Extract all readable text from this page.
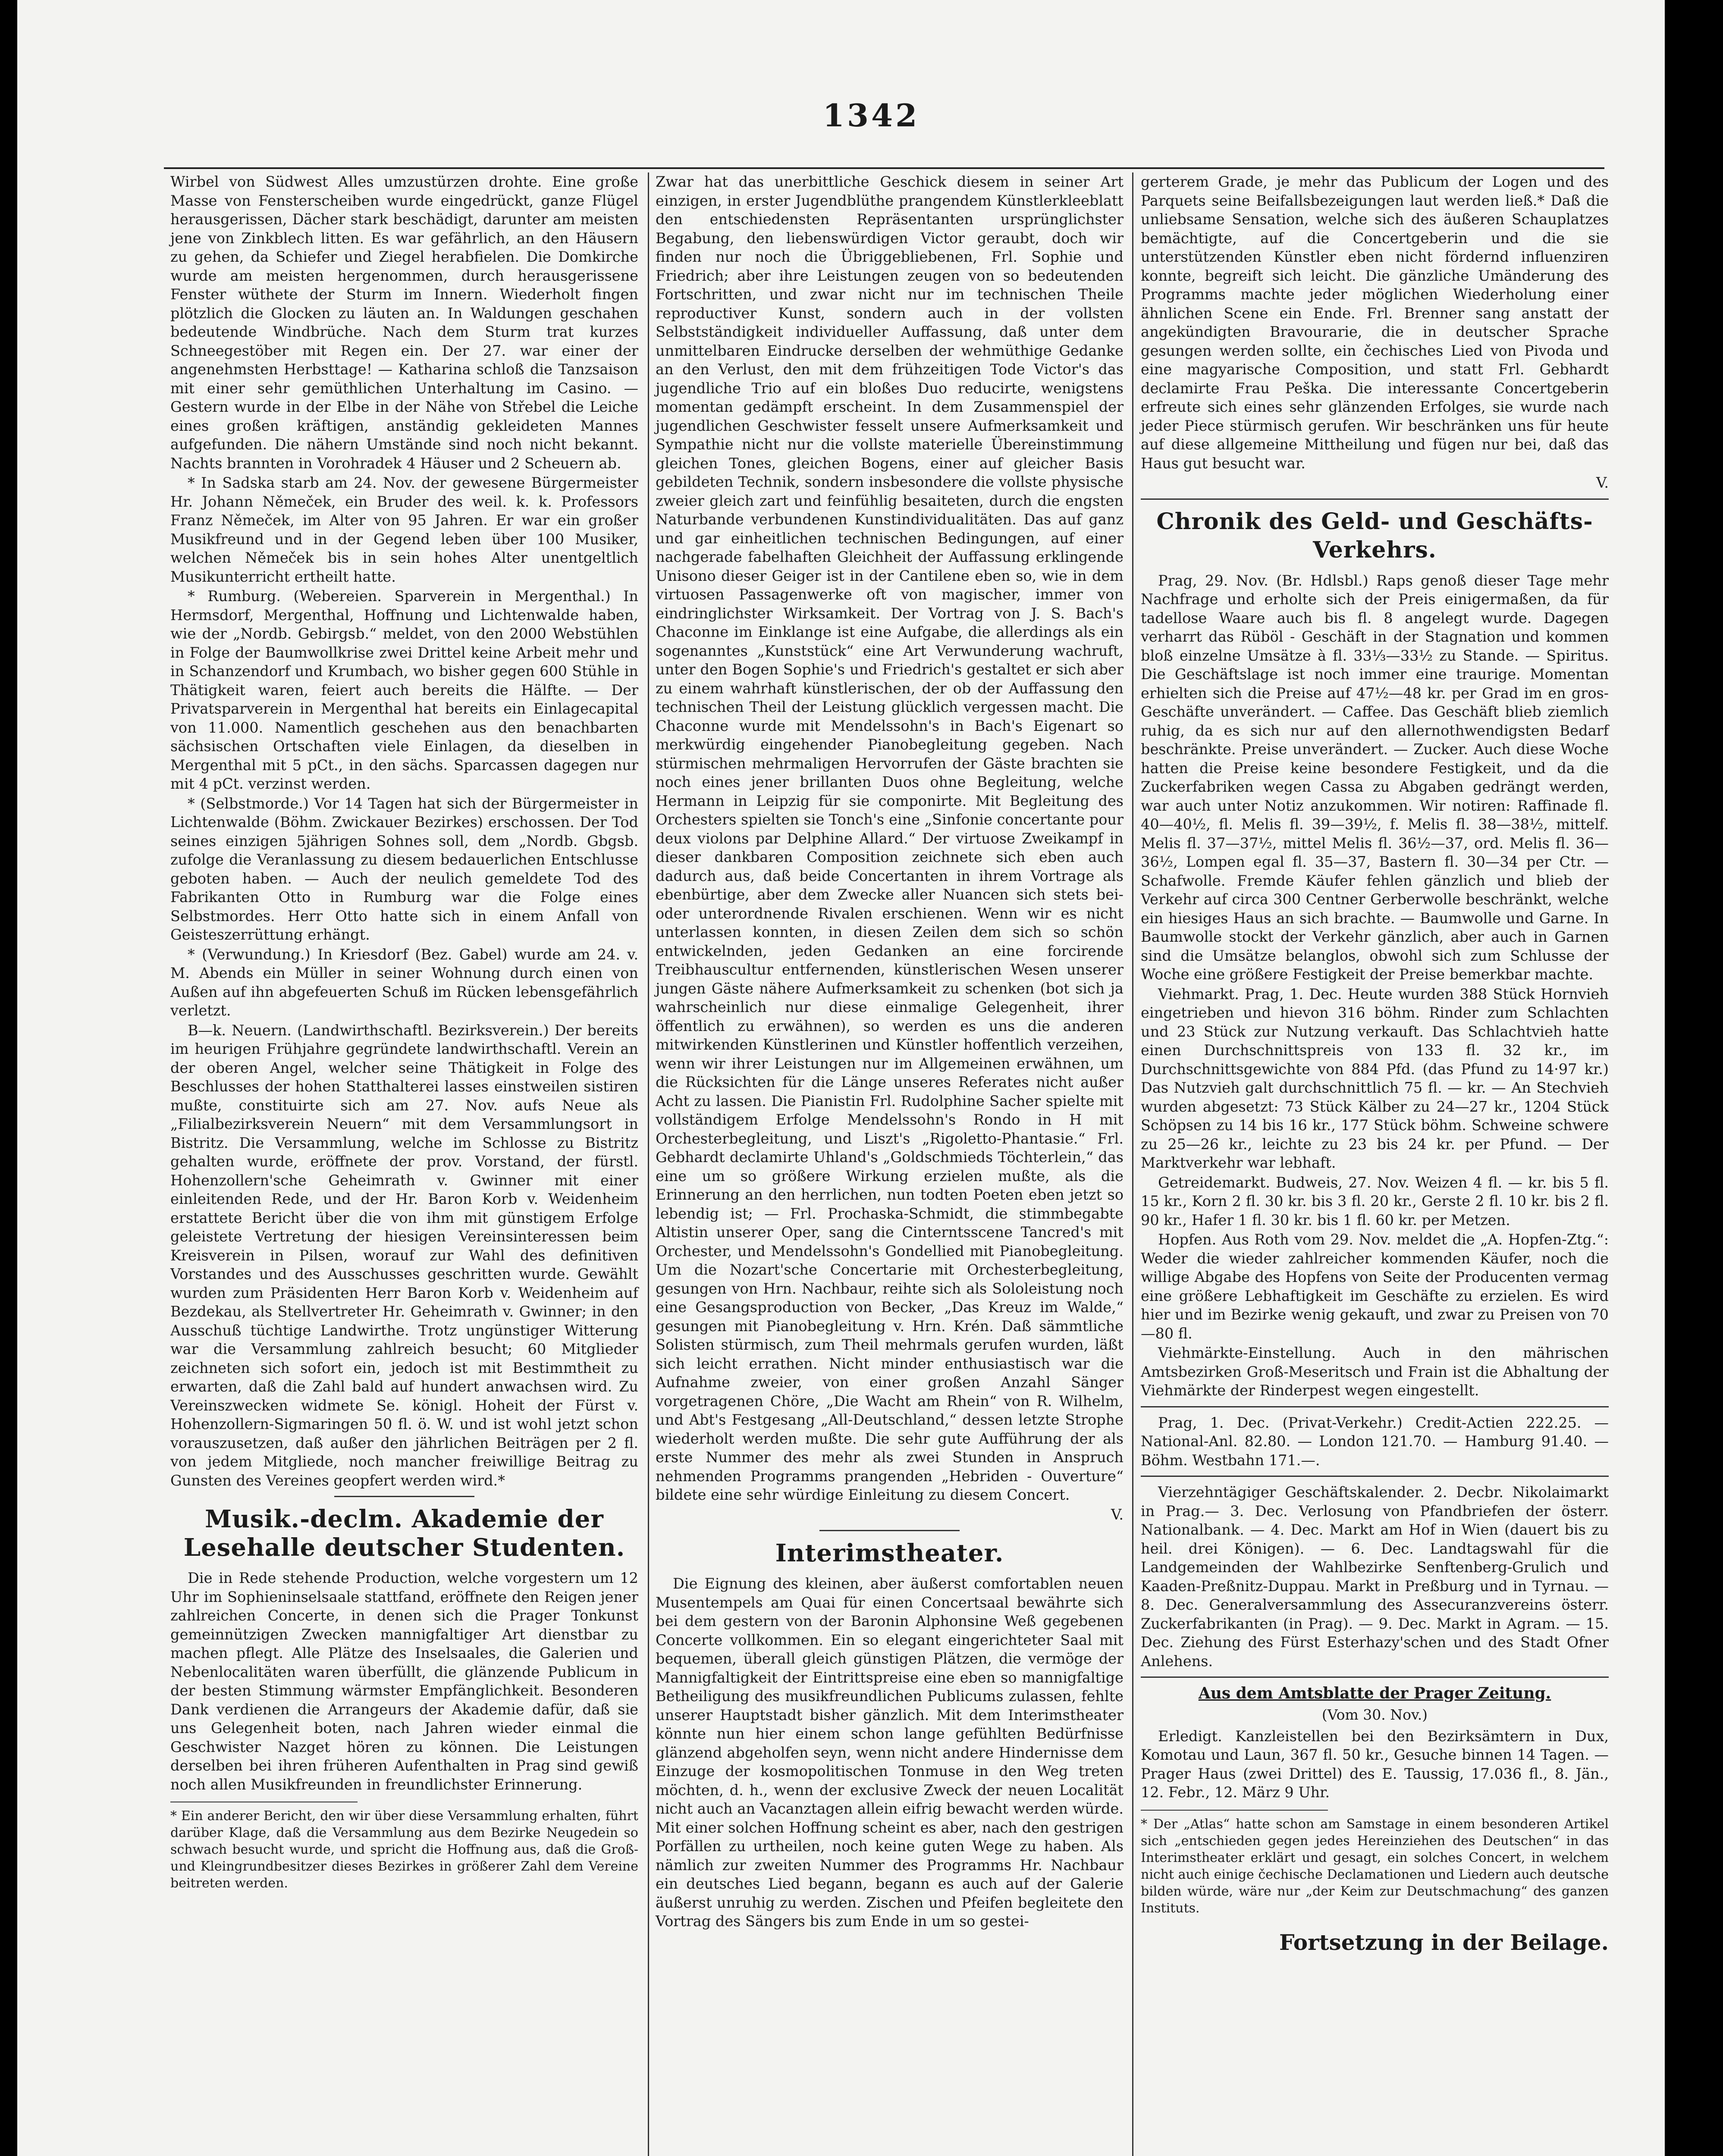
1342

Wirbel von Südwest Alles umzustürzen drohte. Eine große Masse von Fensterscheiben wurde eingedrückt, ganze Flügel herausgerissen, Dächer stark beschädigt, darunter am meisten jene von Zinkblech litten. Es war gefährlich, an den Häusern zu gehen, da Schiefer und Ziegel herabfielen. Die Domkirche wurde am meisten hergenommen, durch herausgerissene Fenster wüthete der Sturm im Innern. Wiederholt fingen plötzlich die Glocken zu läuten an. In Waldungen geschahen bedeutende Windbrüche. Nach dem Sturm trat kurzes Schneegestöber mit Regen ein. Der 27. war einer der angenehmsten Herbsttage! — Katharina schloß die Tanzsaison mit einer sehr gemüthlichen Unterhaltung im Casino. — Gestern wurde in der Elbe in der Nähe von Střebel die Leiche eines großen kräftigen, anständig gekleideten Mannes aufgefunden. Die nähern Umstände sind noch nicht bekannt. Nachts brannten in Vorohradek 4 Häuser und 2 Scheuern ab.

* In Sadska starb am 24. Nov. der gewesene Bürgermeister Hr. Johann Němeček, ein Bruder des weil. k. k. Professors Franz Němeček, im Alter von 95 Jahren. Er war ein großer Musikfreund und in der Gegend leben über 100 Musiker, welchen Němeček bis in sein hohes Alter unentgeltlich Musikunterricht ertheilt hatte.

* Rumburg. (Webereien. Sparverein in Mergenthal.) In Hermsdorf, Mergenthal, Hoffnung und Lichtenwalde haben, wie der „Nordb. Gebirgsb.“ meldet, von den 2000 Webstühlen in Folge der Baumwollkrise zwei Drittel keine Arbeit mehr und in Schanzendorf und Krumbach, wo bisher gegen 600 Stühle in Thätigkeit waren, feiert auch bereits die Hälfte. — Der Privatsparverein in Mergenthal hat bereits ein Einlagecapital von 11.000. Namentlich geschehen aus den benachbarten sächsischen Ortschaften viele Einlagen, da dieselben in Mergenthal mit 5 pCt., in den sächs. Sparcassen dagegen nur mit 4 pCt. verzinst werden.

* (Selbstmorde.) Vor 14 Tagen hat sich der Bürgermeister in Lichtenwalde (Böhm. Zwickauer Bezirkes) erschossen. Der Tod seines einzigen 5jährigen Sohnes soll, dem „Nordb. Gbgsb. zufolge die Veranlassung zu diesem bedauerlichen Entschlusse geboten haben. — Auch der neulich gemeldete Tod des Fabrikanten Otto in Rumburg war die Folge eines Selbstmordes. Herr Otto hatte sich in einem Anfall von Geisteszerrüttung erhängt.

* (Verwundung.) In Kriesdorf (Bez. Gabel) wurde am 24. v. M. Abends ein Müller in seiner Wohnung durch einen von Außen auf ihn abgefeuerten Schuß im Rücken lebensgefährlich verletzt.

B—k. Neuern. (Landwirthschaftl. Bezirksverein.) Der bereits im heurigen Frühjahre gegründete landwirthschaftl. Verein an der oberen Angel, welcher seine Thätigkeit in Folge des Beschlusses der hohen Statthalterei lasses einstweilen sistiren mußte, constituirte sich am 27. Nov. aufs Neue als „Filialbezirksverein Neuern“ mit dem Versammlungsort in Bistritz. Die Versammlung, welche im Schlosse zu Bistritz gehalten wurde, eröffnete der prov. Vorstand, der fürstl. Hohenzollern'sche Geheimrath v. Gwinner mit einer einleitenden Rede, und der Hr. Baron Korb v. Weidenheim erstattete Bericht über die von ihm mit günstigem Erfolge geleistete Vertretung der hiesigen Vereinsinteressen beim Kreisverein in Pilsen, worauf zur Wahl des definitiven Vorstandes und des Ausschusses geschritten wurde. Gewählt wurden zum Präsidenten Herr Baron Korb v. Weidenheim auf Bezdekau, als Stellvertreter Hr. Geheimrath v. Gwinner; in den Ausschuß tüchtige Landwirthe. Trotz ungünstiger Witterung war die Versammlung zahlreich besucht; 60 Mitglieder zeichneten sich sofort ein, jedoch ist mit Bestimmtheit zu erwarten, daß die Zahl bald auf hundert anwachsen wird. Zu Vereinszwecken widmete Se. königl. Hoheit der Fürst v. Hohenzollern-Sigmaringen 50 fl. ö. W. und ist wohl jetzt schon vorauszusetzen, daß außer den jährlichen Beiträgen per 2 fl. von jedem Mitgliede, noch mancher freiwillige Beitrag zu Gunsten des Vereines geopfert werden wird.*

Musik.-declm. Akademie der Lesehalle deutscher Studenten.

Die in Rede stehende Production, welche vorgestern um 12 Uhr im Sophieninselsaale stattfand, eröffnete den Reigen jener zahlreichen Concerte, in denen sich die Prager Tonkunst gemeinnützigen Zwecken mannigfaltiger Art dienstbar zu machen pflegt. Alle Plätze des Inselsaales, die Galerien und Nebenlocalitäten waren überfüllt, die glänzende Publicum in der besten Stimmung wärmster Empfänglichkeit. Besonderen Dank verdienen die Arrangeurs der Akademie dafür, daß sie uns Gelegenheit boten, nach Jahren wieder einmal die Geschwister Nazget hören zu können. Die Leistungen derselben bei ihren früheren Aufenthalten in Prag sind gewiß noch allen Musikfreunden in freundlichster Erinnerung.

* Ein anderer Bericht, den wir über diese Versammlung erhalten, führt darüber Klage, daß die Versammlung aus dem Bezirke Neugedein so schwach besucht wurde, und spricht die Hoffnung aus, daß die Groß- und Kleingrundbesitzer dieses Bezirkes in größerer Zahl dem Vereine beitreten werden.

Zwar hat das unerbittliche Geschick diesem in seiner Art einzigen, in erster Jugendblüthe prangendem Künstlerkleeblatt den entschiedensten Repräsentanten ursprünglichster Begabung, den liebenswürdigen Victor geraubt, doch wir finden nur noch die Übriggebliebenen, Frl. Sophie und Friedrich; aber ihre Leistungen zeugen von so bedeutenden Fortschritten, und zwar nicht nur im technischen Theile reproductiver Kunst, sondern auch in der vollsten Selbstständigkeit individueller Auffassung, daß unter dem unmittelbaren Eindrucke derselben der wehmüthige Gedanke an den Verlust, den mit dem frühzeitigen Tode Victor's das jugendliche Trio auf ein bloßes Duo reducirte, wenigstens momentan gedämpft erscheint. In dem Zusammenspiel der jugendlichen Geschwister fesselt unsere Aufmerksamkeit und Sympathie nicht nur die vollste materielle Übereinstimmung gleichen Tones, gleichen Bogens, einer auf gleicher Basis gebildeten Technik, sondern insbesondere die vollste physische zweier gleich zart und feinfühlig besaiteten, durch die engsten Naturbande verbundenen Kunstindividualitäten. Das auf ganz und gar einheitlichen technischen Bedingungen, auf einer nachgerade fabelhaften Gleichheit der Auffassung erklingende Unisono dieser Geiger ist in der Cantilene eben so, wie in dem virtuosen Passagenwerke oft von magischer, immer von eindringlichster Wirksamkeit. Der Vortrag von J. S. Bach's Chaconne im Einklange ist eine Aufgabe, die allerdings als ein sogenanntes „Kunststück“ eine Art Verwunderung wachruft, unter den Bogen Sophie's und Friedrich's gestaltet er sich aber zu einem wahrhaft künstlerischen, der ob der Auffassung den technischen Theil der Leistung glücklich vergessen macht. Die Chaconne wurde mit Mendelssohn's in Bach's Eigenart so merkwürdig eingehender Pianobegleitung gegeben. Nach stürmischen mehrmaligen Hervorrufen der Gäste brachten sie noch eines jener brillanten Duos ohne Begleitung, welche Hermann in Leipzig für sie componirte. Mit Begleitung des Orchesters spielten sie Tonch's eine „Sinfonie concertante pour deux violons par Delphine Allard.“ Der virtuose Zweikampf in dieser dankbaren Composition zeichnete sich eben auch dadurch aus, daß beide Concertanten in ihrem Vortrage als ebenbürtige, aber dem Zwecke aller Nuancen sich stets bei- oder unterordnende Rivalen erschienen. Wenn wir es nicht unterlassen konnten, in diesen Zeilen dem sich so schön entwickelnden, jeden Gedanken an eine forcirende Treibhauscultur entfernenden, künstlerischen Wesen unserer jungen Gäste nähere Aufmerksamkeit zu schenken (bot sich ja wahrscheinlich nur diese einmalige Gelegenheit, ihrer öffentlich zu erwähnen), so werden es uns die anderen mitwirkenden Künstlerinen und Künstler hoffentlich verzeihen, wenn wir ihrer Leistungen nur im Allgemeinen erwähnen, um die Rücksichten für die Länge unseres Referates nicht außer Acht zu lassen. Die Pianistin Frl. Rudolphine Sacher spielte mit vollständigem Erfolge Mendelssohn's Rondo in H mit Orchesterbegleitung, und Liszt's „Rigoletto-Phantasie.“ Frl. Gebhardt declamirte Uhland's „Goldschmieds Töchterlein,“ das eine um so größere Wirkung erzielen mußte, als die Erinnerung an den herrlichen, nun todten Poeten eben jetzt so lebendig ist; — Frl. Prochaska-Schmidt, die stimmbegabte Altistin unserer Oper, sang die Cinterntsscene Tancred's mit Orchester, und Mendelssohn's Gondellied mit Pianobegleitung. Um die Nozart'sche Concertarie mit Orchesterbegleitung, gesungen von Hrn. Nachbaur, reihte sich als Sololeistung noch eine Gesangsproduction von Becker, „Das Kreuz im Walde,“ gesungen mit Pianobegleitung v. Hrn. Krén. Daß sämmtliche Solisten stürmisch, zum Theil mehrmals gerufen wurden, läßt sich leicht errathen. Nicht minder enthusiastisch war die Aufnahme zweier, von einer großen Anzahl Sänger vorgetragenen Chöre, „Die Wacht am Rhein“ von R. Wilhelm, und Abt's Festgesang „All-Deutschland,“ dessen letzte Strophe wiederholt werden mußte. Die sehr gute Aufführung der als erste Nummer des mehr als zwei Stunden in Anspruch nehmenden Programms prangenden „Hebriden - Ouverture“ bildete eine sehr würdige Einleitung zu diesem Concert.

V.
Interimstheater.

Die Eignung des kleinen, aber äußerst comfortablen neuen Musentempels am Quai für einen Concertsaal bewährte sich bei dem gestern von der Baronin Alphonsine Weß gegebenen Concerte vollkommen. Ein so elegant eingerichteter Saal mit bequemen, überall gleich günstigen Plätzen, die vermöge der Mannigfaltigkeit der Eintrittspreise eine eben so mannigfaltige Betheiligung des musikfreundlichen Publicums zulassen, fehlte unserer Hauptstadt bisher gänzlich. Mit dem Interimstheater könnte nun hier einem schon lange gefühlten Bedürfnisse glänzend abgeholfen seyn, wenn nicht andere Hindernisse dem Einzuge der kosmopolitischen Tonmuse in den Weg treten möchten, d. h., wenn der exclusive Zweck der neuen Localität nicht auch an Vacanztagen allein eifrig bewacht werden würde. Mit einer solchen Hoffnung scheint es aber, nach den gestrigen Porfällen zu urtheilen, noch keine guten Wege zu haben. Als nämlich zur zweiten Nummer des Programms Hr. Nachbaur ein deutsches Lied begann, begann es auch auf der Galerie äußerst unruhig zu werden. Zischen und Pfeifen begleitete den Vortrag des Sängers bis zum Ende in um so gestei-

gerterem Grade, je mehr das Publicum der Logen und des Parquets seine Beifallsbezeigungen laut werden ließ.* Daß die unliebsame Sensation, welche sich des äußeren Schauplatzes bemächtigte, auf die Concertgeberin und die sie unterstützenden Künstler eben nicht fördernd influenziren konnte, begreift sich leicht. Die gänzliche Umänderung des Programms machte jeder möglichen Wiederholung einer ähnlichen Scene ein Ende. Frl. Brenner sang anstatt der angekündigten Bravourarie, die in deutscher Sprache gesungen werden sollte, ein čechisches Lied von Pivoda und eine magyarische Composition, und statt Frl. Gebhardt declamirte Frau Peška. Die interessante Concertgeberin erfreute sich eines sehr glänzenden Erfolges, sie wurde nach jeder Piece stürmisch gerufen. Wir beschränken uns für heute auf diese allgemeine Mittheilung und fügen nur bei, daß das Haus gut besucht war.

V.
Chronik des Geld- und Geschäfts-Verkehrs.

Prag, 29. Nov. (Br. Hdlsbl.) Raps genoß dieser Tage mehr Nachfrage und erholte sich der Preis einigermaßen, da für tadellose Waare auch bis fl. 8 angelegt wurde. Dagegen verharrt das Rüböl - Geschäft in der Stagnation und kommen bloß einzelne Umsätze à fl. 33⅓—33½ zu Stande. — Spiritus. Die Geschäftslage ist noch immer eine traurige. Momentan erhielten sich die Preise auf 47½—48 kr. per Grad im en gros-Geschäfte unverändert. — Caffee. Das Geschäft blieb ziemlich ruhig, da es sich nur auf den allernothwendigsten Bedarf beschränkte. Preise unverändert. — Zucker. Auch diese Woche hatten die Preise keine besondere Festigkeit, und da die Zuckerfabriken wegen Cassa zu Abgaben gedrängt werden, war auch unter Notiz anzukommen. Wir notiren: Raffinade fl. 40—40½, fl. Melis fl. 39—39½, f. Melis fl. 38—38½, mittelf. Melis fl. 37—37½, mittel Melis fl. 36½—37, ord. Melis fl. 36—36½, Lompen egal fl. 35—37, Bastern fl. 30—34 per Ctr. — Schafwolle. Fremde Käufer fehlen gänzlich und blieb der Verkehr auf circa 300 Centner Gerberwolle beschränkt, welche ein hiesiges Haus an sich brachte. — Baumwolle und Garne. In Baumwolle stockt der Verkehr gänzlich, aber auch in Garnen sind die Umsätze belanglos, obwohl sich zum Schlusse der Woche eine größere Festigkeit der Preise bemerkbar machte.

Viehmarkt. Prag, 1. Dec. Heute wurden 388 Stück Hornvieh eingetrieben und hievon 316 böhm. Rinder zum Schlachten und 23 Stück zur Nutzung verkauft. Das Schlachtvieh hatte einen Durchschnittspreis von 133 fl. 32 kr., im Durchschnittsgewichte von 884 Pfd. (das Pfund zu 14·97 kr.) Das Nutzvieh galt durchschnittlich 75 fl. — kr. — An Stechvieh wurden abgesetzt: 73 Stück Kälber zu 24—27 kr., 1204 Stück Schöpsen zu 14 bis 16 kr., 177 Stück böhm. Schweine schwere zu 25—26 kr., leichte zu 23 bis 24 kr. per Pfund. — Der Marktverkehr war lebhaft.

Getreidemarkt. Budweis, 27. Nov. Weizen 4 fl. — kr. bis 5 fl. 15 kr., Korn 2 fl. 30 kr. bis 3 fl. 20 kr., Gerste 2 fl. 10 kr. bis 2 fl. 90 kr., Hafer 1 fl. 30 kr. bis 1 fl. 60 kr. per Metzen.

Hopfen. Aus Roth vom 29. Nov. meldet die „A. Hopfen-Ztg.“: Weder die wieder zahlreicher kommenden Käufer, noch die willige Abgabe des Hopfens von Seite der Producenten vermag eine größere Lebhaftigkeit im Geschäfte zu erzielen. Es wird hier und im Bezirke wenig gekauft, und zwar zu Preisen von 70—80 fl.

Viehmärkte-Einstellung. Auch in den mährischen Amtsbezirken Groß-Meseritsch und Frain ist die Abhaltung der Viehmärkte der Rinderpest wegen eingestellt.

Prag, 1. Dec. (Privat-Verkehr.) Credit-Actien 222.25. — National-Anl. 82.80. — London 121.70. — Hamburg 91.40. — Böhm. Westbahn 171.—.

Vierzehntägiger Geschäftskalender. 2. Decbr. Nikolaimarkt in Prag.— 3. Dec. Verlosung von Pfandbriefen der österr. Nationalbank. — 4. Dec. Markt am Hof in Wien (dauert bis zu heil. drei Königen). — 6. Dec. Landtagswahl für die Landgemeinden der Wahlbezirke Senftenberg-Grulich und Kaaden-Preßnitz-Duppau. Markt in Preßburg und in Tyrnau. — 8. Dec. Generalversammlung des Assecuranzvereins österr. Zuckerfabrikanten (in Prag). — 9. Dec. Markt in Agram. — 15. Dec. Ziehung des Fürst Esterhazy'schen und des Stadt Ofner Anlehens.

Aus dem Amtsblatte der Prager Zeitung.
(Vom 30. Nov.)

Erledigt. Kanzleistellen bei den Bezirksämtern in Dux, Komotau und Laun, 367 fl. 50 kr., Gesuche binnen 14 Tagen. — Prager Haus (zwei Drittel) des E. Taussig, 17.036 fl., 8. Jän., 12. Febr., 12. März 9 Uhr.

* Der „Atlas“ hatte schon am Samstage in einem besonderen Artikel sich „entschieden gegen jedes Hereinziehen des Deutschen“ in das Interimstheater erklärt und gesagt, ein solches Concert, in welchem nicht auch einige čechische Declamationen und Liedern auch deutsche bilden würde, wäre nur „der Keim zur Deutschmachung“ des ganzen Instituts.
Fortsetzung in der Beilage.
